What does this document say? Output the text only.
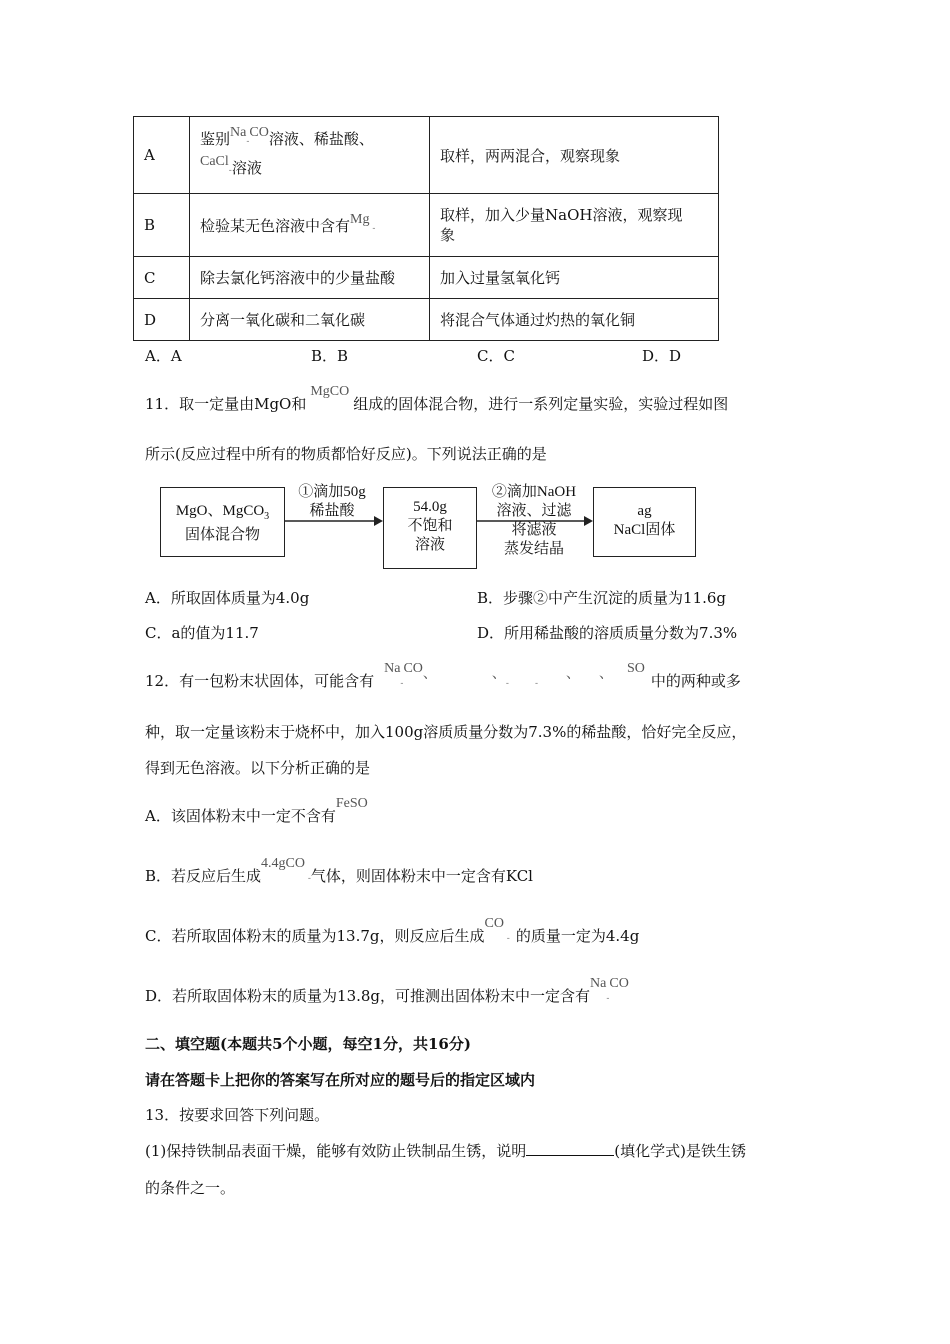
A	鉴别Na-CO溶液、稀盐酸、
CaCl-溶液	取样，两两混合，观察现象
B	检验某无色溶液中含有Mg -	取样，加入少量NaOH溶液，观察现
象
C	除去氯化钙溶液中的少量盐酸	加入过量氢氧化钙
D	分离一氧化碳和二氧化碳	将混合气体通过灼热的氧化铜
A．A	B．B	C．C	D．D
11．取一定量由MgO和MgCO组成的固体混合物，进行一系列定量实验，实验过程如图
所示(反应过程中所有的物质都恰好反应)。下列说法正确的是
MgO、MgCO$_3$
固体混合物
①滴加50g
稀盐酸	54.0g
不饱和
溶液
②滴加NaOH
溶液、过滤
将滤液
蒸发结晶
ag
NaCl固体
A．所取固体质量为4.0g	B．步骤②中产生沉淀的质量为11.6g
C．a的值为11.7	D．所用稀盐酸的溶质质量分数为7.3%
12．有一包粉末状固体，可能含有Na-CO、	、-	-、 、 SO中的两种或多
种，取一定量该粉末于烧杯中，加入100g溶质质量分数为7.3%的稀盐酸，恰好完全反应，
得到无色溶液。以下分析正确的是
A．该固体粉末中一定不含有FeSO
B．若反应后生成4.4gCO -气体，则固体粉末中一定含有KCl
C．若所取固体粉末的质量为13.7g，则反应后生成CO - 的质量一定为4.4g
D．若所取固体粉末的质量为13.8g，可推测出固体粉末中一定含有Na-CO
二、填空题(本题共5个小题，每空1分，共16分)
请在答题卡上把你的答案写在所对应的题号后的指定区域内
13．按要求回答下列问题。
(1)保持铁制品表面干燥，能够有效防止铁制品生锈，说明	(填化学式)是铁生锈
的条件之一。
